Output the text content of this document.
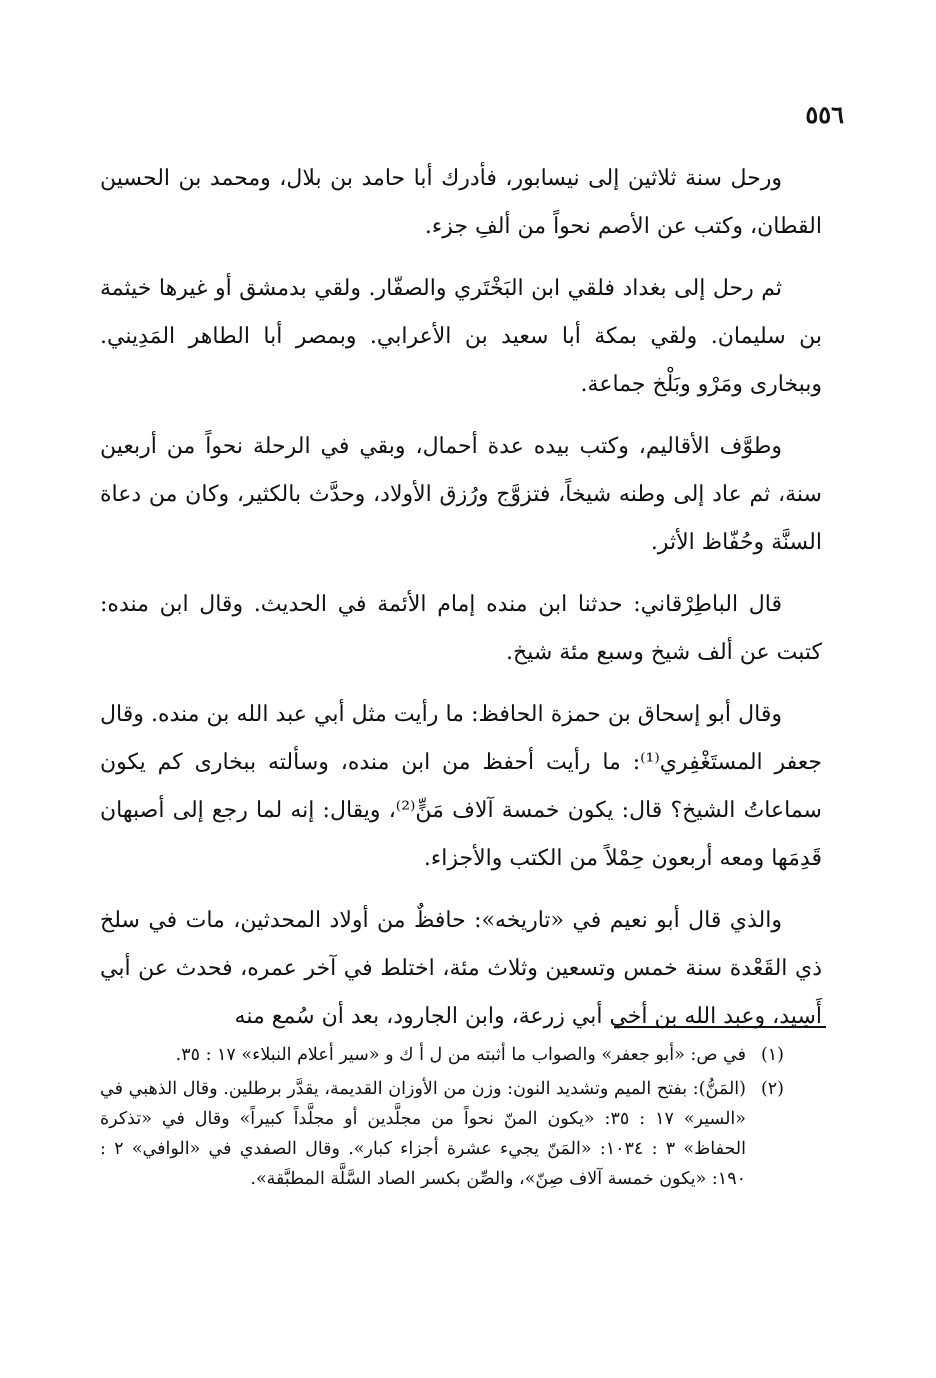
٥٥٦

ورحل سنة ثلاثين إلى نيسابور، فأدرك أبا حامد بن بلال، ومحمد بن الحسين القطان، وكتب عن الأصم نحواً من ألفِ جزء.

ثم رحل إلى بغداد فلقي ابن البَخْتَري والصفّار. ولقي بدمشق أو غيرها خيثمة بن سليمان. ولقي بمكة أبا سعيد بن الأعرابي. وبمصر أبا الطاهر المَدِيني. وببخارى ومَرْو وبَلْخ جماعة.

وطوَّف الأقاليم، وكتب بيده عدة أحمال، وبقي في الرحلة نحواً من أربعين سنة، ثم عاد إلى وطنه شيخاً، فتزوَّج ورُزق الأولاد، وحدَّث بالكثير، وكان من دعاة السنَّة وحُفّاظ الأثر.

قال الباطِرْقاني: حدثنا ابن منده إمام الأئمة في الحديث. وقال ابن منده: كتبت عن ألف شيخ وسبع مئة شيخ.

وقال أبو إسحاق بن حمزة الحافظ: ما رأيت مثل أبي عبد الله بن منده. وقال جعفر المستَغْفِري⁽¹⁾: ما رأيت أحفظ من ابن منده، وسألته ببخارى كم يكون سماعاتُ الشيخ؟ قال: يكون خمسة آلاف مَنٍّ⁽²⁾، ويقال: إنه لما رجع إلى أصبهان قَدِمَها ومعه أربعون حِمْلاً من الكتب والأجزاء.

والذي قال أبو نعيم في «تاريخه»: حافظٌ من أولاد المحدثين، مات في سلخ ذي القَعْدة سنة خمس وتسعين وثلاث مئة، اختلط في آخر عمره، فحدث عن أبي أَسِيد، وعبد الله بن أخي أبي زرعة، وابن الجارود، بعد أن سُمع منه

(١)
في ص: «أبو جعفر» والصواب ما أثبته من ل أ ك و «سير أعلام النبلاء» ١٧ : ٣٥.
(٢)
(المَنُّ): بفتح الميم وتشديد النون: وزن من الأوزان القديمة، يقدَّر برطلين. وقال الذهبي في «السير» ١٧ : ٣٥: «يكون المنّ نحواً من مجلَّدين أو مجلَّداً كبيراً» وقال في «تذكرة الحفاظ» ٣ : ١٠٣٤: «المَنّ يجيء عشرة أجزاء كبار». وقال الصفدي في «الوافي» ٢ : ١٩٠: «يكون خمسة آلاف صِنّ»، والصِّن بكسر الصاد السَّلَّة المطبَّقة».
